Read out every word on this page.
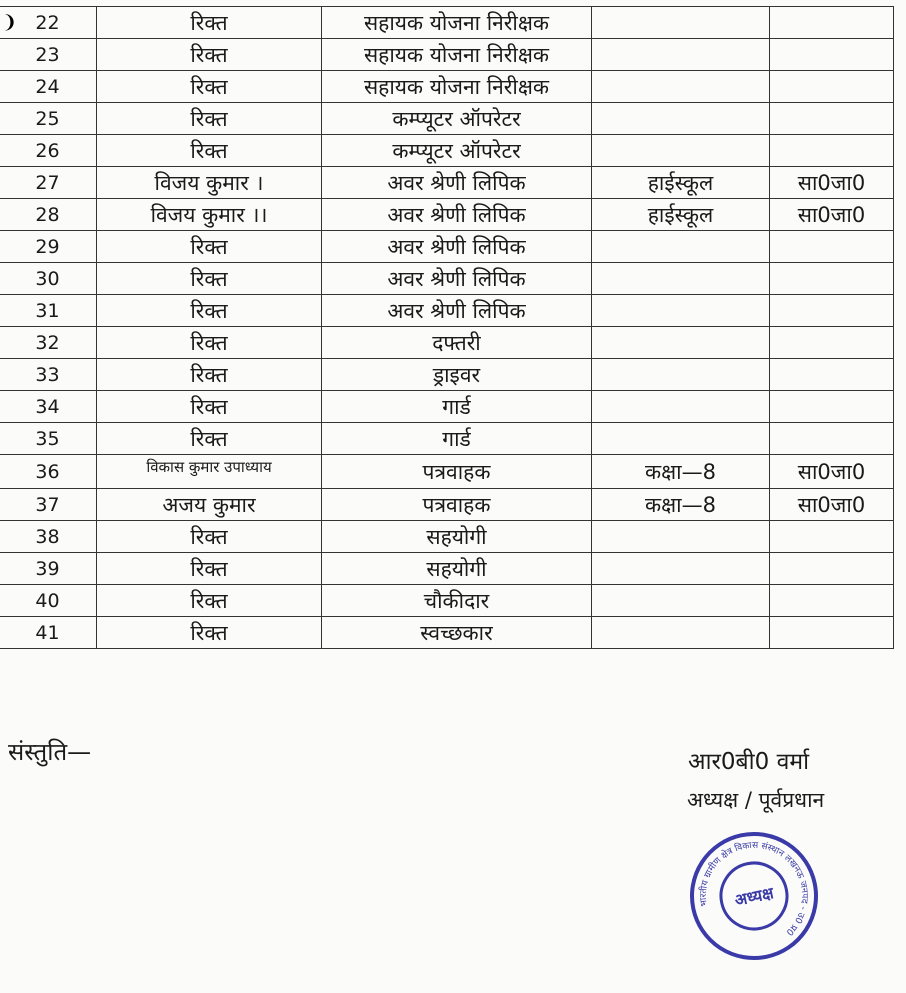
❩ 22	रिक्त	सहायक योजना निरीक्षक		
23	रिक्त	सहायक योजना निरीक्षक		
24	रिक्त	सहायक योजना निरीक्षक		
25	रिक्त	कम्प्यूटर ऑपरेटर		
26	रिक्त	कम्प्यूटर ऑपरेटर		
27	विजय कुमार ।	अवर श्रेणी लिपिक	हाईस्कूल	सा0जा0
28	विजय कुमार ।।	अवर श्रेणी लिपिक	हाईस्कूल	सा0जा0
29	रिक्त	अवर श्रेणी लिपिक		
30	रिक्त	अवर श्रेणी लिपिक		
31	रिक्त	अवर श्रेणी लिपिक		
32	रिक्त	दफ्तरी		
33	रिक्त	ड्राइवर		
34	रिक्त	गार्ड		
35	रिक्त	गार्ड		
36	विकास कुमार उपाध्याय	पत्रवाहक	कक्षा—8	सा0जा0
37	अजय कुमार	पत्रवाहक	कक्षा—8	सा0जा0
38	रिक्त	सहयोगी		
39	रिक्त	सहयोगी		
40	रिक्त	चौकीदार		
41	रिक्त	स्वच्छकार		
संस्तुति—	आर0बी0 वर्मा
अध्यक्ष / पूर्वप्रधान
भारतीय ग्रामीण क्षेत्र विकास संस्थान लखनऊ जनपद - उ0 प्र0
अध्यक्ष
